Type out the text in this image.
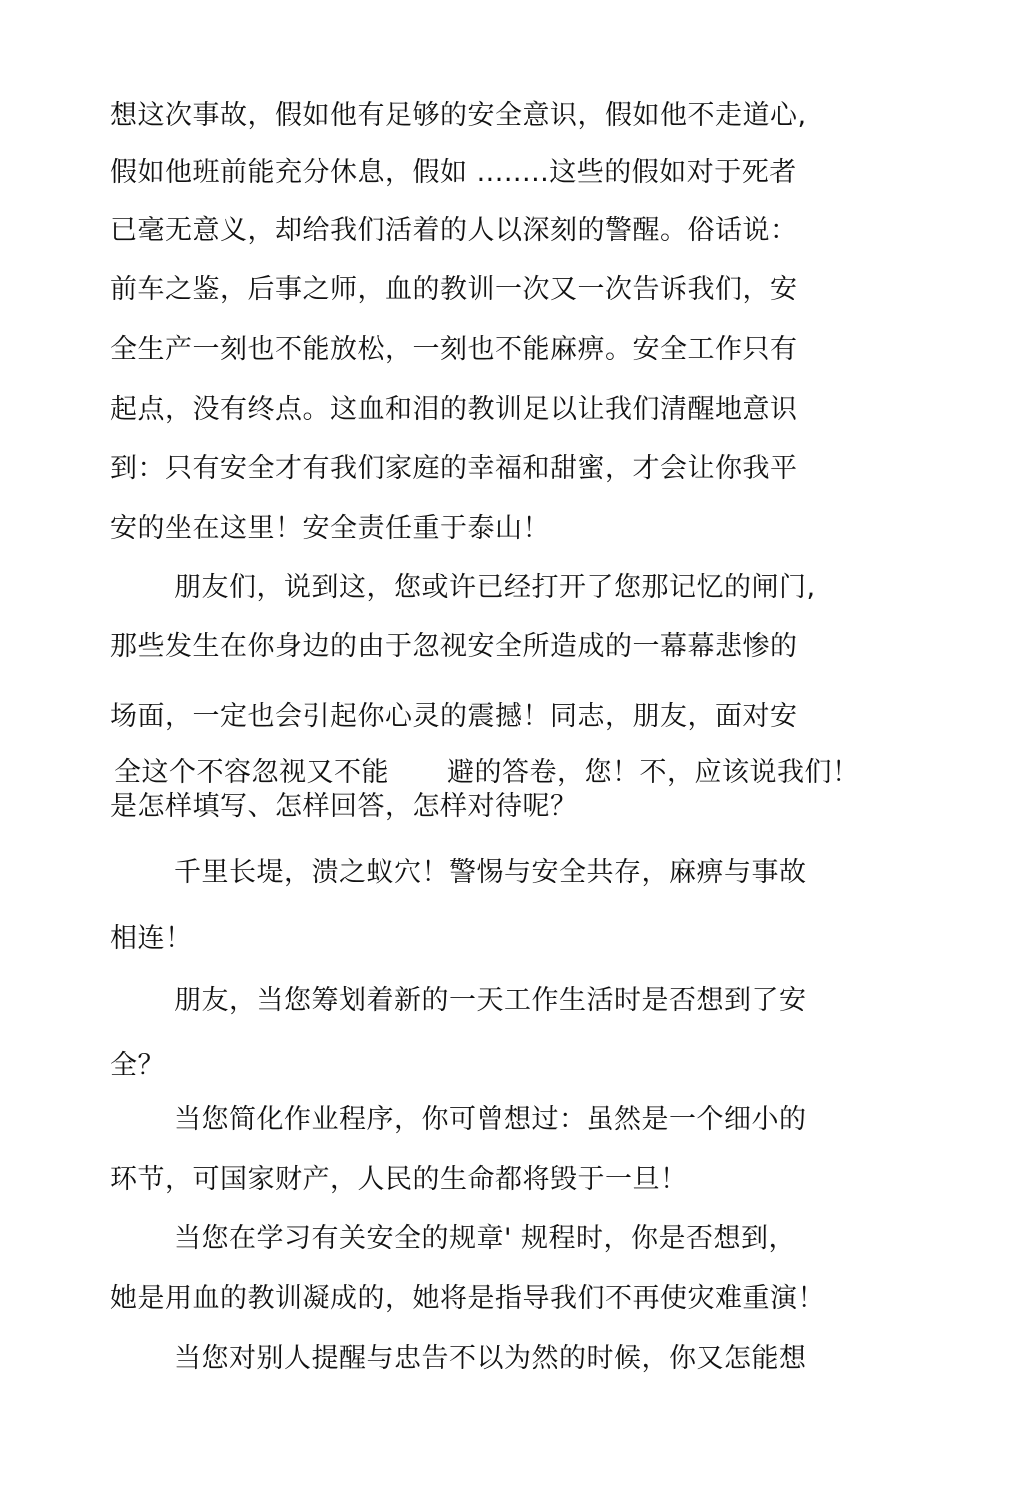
想这次事故，假如他有足够的安全意识，假如他不走道心,
假如他班前能充分休息，假如 ........这些的假如对于死者
已毫无意义，却给我们活着的人以深刻的警醒。俗话说：
前车之鉴，后事之师，血的教训一次又一次告诉我们，安
全生产一刻也不能放松，一刻也不能麻痹。安全工作只有
起点，没有终点。这血和泪的教训足以让我们清醒地意识
到：只有安全才有我们家庭的幸福和甜蜜，才会让你我平
安的坐在这里！安全责任重于泰山！
朋友们，说到这，您或许已经打开了您那记忆的闸门,
那些发生在你身边的由于忽视安全所造成的一幕幕悲惨的
场面，一定也会引起你心灵的震撼！同志，朋友，面对安
全这个不容忽视又不能 避的答卷，您！不，应该说我们！
是怎样填写、怎样回答，怎样对待呢？
千里长堤，溃之蚁穴！警惕与安全共存，麻痹与事故
相连！
朋友，当您筹划着新的一天工作生活时是否想到了安
全？
当您简化作业程序，你可曾想过：虽然是一个细小的
环节，可国家财产，人民的生命都将毁于一旦！
当您在学习有关安全的规章' 规程时，你是否想到，
她是用血的教训凝成的，她将是指导我们不再使灾难重演！
当您对别人提醒与忠告不以为然的时候，你又怎能想
